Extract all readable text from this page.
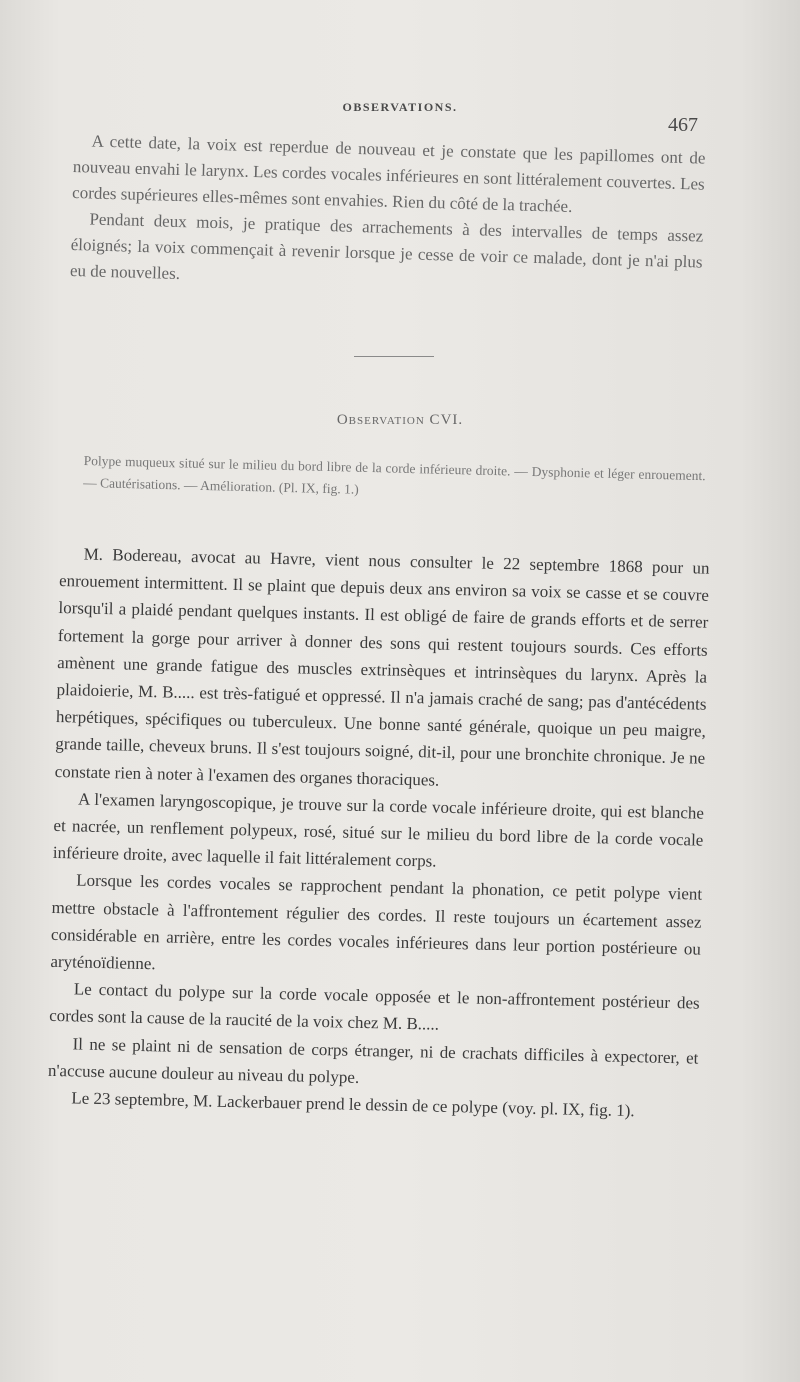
OBSERVATIONS.
467

A cette date, la voix est reperdue de nouveau et je constate que les papillomes ont de nouveau envahi le larynx. Les cordes vocales inférieures en sont littéralement couvertes. Les cordes supérieures elles-mêmes sont envahies. Rien du côté de la trachée.

Pendant deux mois, je pratique des arrachements à des intervalles de temps assez éloignés; la voix commençait à revenir lorsque je cesse de voir ce malade, dont je n'ai plus eu de nouvelles.

Observation CVI.

Polype muqueux situé sur le milieu du bord libre de la corde inférieure droite. — Dysphonie et léger enrouement. — Cautérisations. — Amélioration. (Pl. IX, fig. 1.)

M. Bodereau, avocat au Havre, vient nous consulter le 22 septembre 1868 pour un enrouement intermittent. Il se plaint que depuis deux ans environ sa voix se casse et se couvre lorsqu'il a plaidé pendant quelques instants. Il est obligé de faire de grands efforts et de serrer fortement la gorge pour arriver à donner des sons qui restent toujours sourds. Ces efforts amènent une grande fatigue des muscles extrinsèques et intrinsèques du larynx. Après la plaidoierie, M. B..... est très-fatigué et oppressé. Il n'a jamais craché de sang; pas d'antécédents herpétiques, spécifiques ou tuberculeux. Une bonne santé générale, quoique un peu maigre, grande taille, cheveux bruns. Il s'est toujours soigné, dit-il, pour une bronchite chronique. Je ne constate rien à noter à l'examen des organes thoraciques.

A l'examen laryngoscopique, je trouve sur la corde vocale inférieure droite, qui est blanche et nacrée, un renflement polypeux, rosé, situé sur le milieu du bord libre de la corde vocale inférieure droite, avec laquelle il fait littéralement corps.

Lorsque les cordes vocales se rapprochent pendant la phonation, ce petit polype vient mettre obstacle à l'affrontement régulier des cordes. Il reste toujours un écartement assez considérable en arrière, entre les cordes vocales inférieures dans leur portion postérieure ou aryténoïdienne.

Le contact du polype sur la corde vocale opposée et le non-affrontement postérieur des cordes sont la cause de la raucité de la voix chez M. B.....

Il ne se plaint ni de sensation de corps étranger, ni de crachats difficiles à expectorer, et n'accuse aucune douleur au niveau du polype.

Le 23 septembre, M. Lackerbauer prend le dessin de ce polype (voy. pl. IX, fig. 1).
